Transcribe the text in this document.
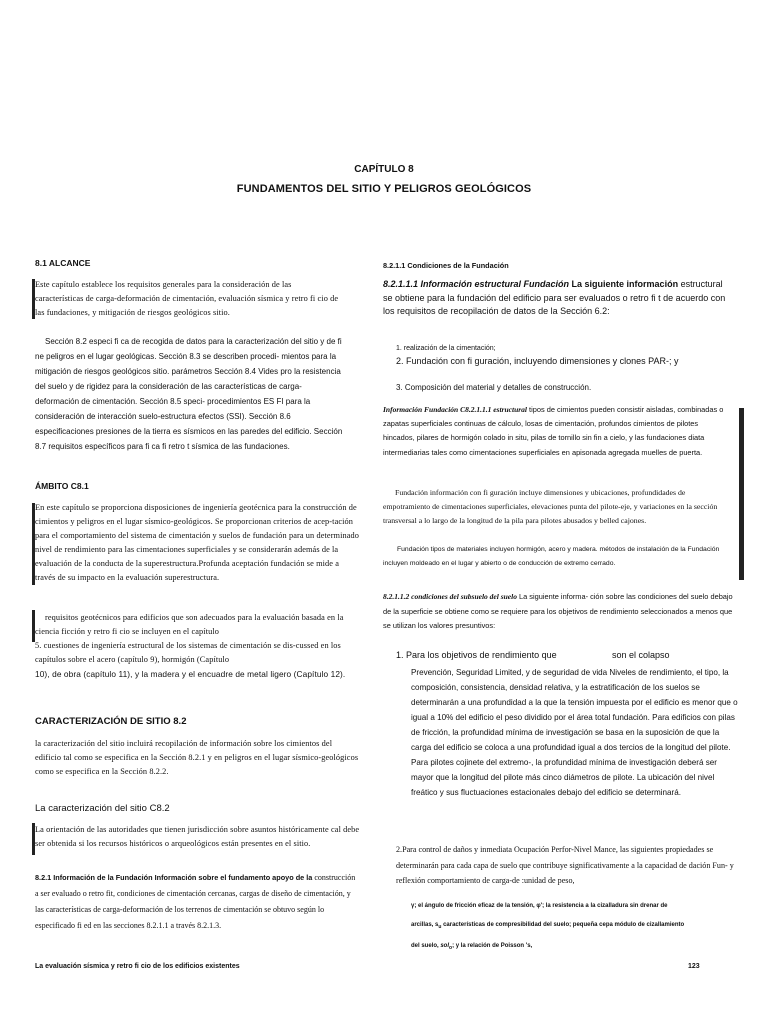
CAPÍTULO 8
FUNDAMENTOS DEL SITIO Y PELIGROS GEOLÓGICOS
8.1 ALCANCE
Este capítulo establece los requisitos generales para la consideración de las características de carga-deformación de cimentación, evaluación sísmica y retro fi cio de las fundaciones, y mitigación de riesgos geológicos sitio.
Sección 8.2 especi fi ca de recogida de datos para la caracterización del sitio y de fi ne peligros en el lugar geológicas. Sección 8.3 se describen procedi- mientos para la mitigación de riesgos geológicos sitio. parámetros Sección 8.4 Vides pro la resistencia del suelo y de rigidez para la consideración de las características de carga-deformación de cimentación. Sección 8.5 speci- procedimientos ES FI para la consideración de interacción suelo-estructura efectos (SSI). Sección 8.6 especificaciones presiones de la tierra es sísmicos en las paredes del edificio. Sección 8.7 requisitos específicos para fi ca fi retro t sísmica de las fundaciones.
ÁMBITO C8.1
En este capítulo se proporciona disposiciones de ingeniería geotécnica para la construcción de cimientos y peligros en el lugar sísmico-geológicos. Se proporcionan criterios de acep-tación para el comportamiento del sistema de cimentación y suelos de fundación para un determinado nivel de rendimiento para las cimentaciones superficiales y se considerarán además de la evaluación de la conducta de la superestructura.Profunda aceptación fundación se mide a través de su impacto en la evaluación superestructura.
requisitos geotécnicos para edificios que son adecuados para la evaluación basada en la ciencia ficción y retro fi cio se incluyen en el capítulo
5. cuestiones de ingeniería estructural de los sistemas de cimentación se dis-cussed en los capítulos sobre el acero (capítulo 9), hormigón (Capítulo
10), de obra (capítulo 11), y la madera y el encuadre de metal ligero (Capítulo 12).
CARACTERIZACIÓN DE SITIO 8.2
la caracterización del sitio incluirá recopilación de información sobre los cimientos del edificio tal como se especifica en la Sección 8.2.1 y en peligros en el lugar sísmico-geológicos como se especifica en la Sección 8.2.2.
La caracterización del sitio C8.2
La orientación de las autoridades que tienen jurisdicción sobre asuntos históricamente cal debe ser obtenida si los recursos históricos o arqueológicos están presentes en el sitio.
8.2.1 Información de la Fundación Información sobre el fundamento apoyo de la construcción a ser evaluado o retro fit, condiciones de cimentación cercanas, cargas de diseño de cimentación, y las características de carga-deformación de los terrenos de cimentación se obtuvo según lo especificado fi ed en las secciones 8.2.1.1 a través 8.2.1.3.
8.2.1.1 Condiciones de la Fundación
8.2.1.1.1 Información estructural Fundación La siguiente información estructural se obtiene para la fundación del edificio para ser evaluados o retro fi t de acuerdo con los requisitos de recopilación de datos de la Sección 6.2:
1. realización de la cimentación;
2. Fundación con fi guración, incluyendo dimensiones y clones PAR-; y
3. Composición del material y detalles de construcción.
Información Fundación C8.2.1.1.1 estructural tipos de cimientos pueden consistir aisladas, combinadas o zapatas superficiales continuas de cálculo, losas de cimentación, profundos cimientos de pilotes hincados, pilares de hormigón colado in situ, pilas de tornillo sin fin a cielo, y las fundaciones diata intermediarias tales como cimentaciones superficiales en apisonada agregada muelles de puerta.
Fundación información con fi guración incluye dimensiones y ubicaciones, profundidades de empotramiento de cimentaciones superficiales, elevaciones punta del pilote-eje, y variaciones en la sección transversal a lo largo de la longitud de la pila para pilotes abusados y belled cajones.
Fundación tipos de materiales incluyen hormigón, acero y madera. métodos de instalación de la Fundación incluyen moldeado en el lugar y abierto o de conducción de extremo cerrado.
8.2.1.1.2 condiciones del subsuelo del suelo La siguiente informa- ción sobre las condiciones del suelo debajo de la superficie se obtiene como se requiere para los objetivos de rendimiento seleccionados a menos que se utilizan los valores presuntivos:
1. Para los objetivos de rendimiento que	son el colapso
Prevención, Seguridad Limited, y de seguridad de vida Niveles de rendimiento, el tipo, la composición, consistencia, densidad relativa, y la estratificación de los suelos se determinarán a una profundidad a la que la tensión impuesta por el edificio es menor que o igual a 10% del edificio el peso dividido por el área total fundación. Para edificios con pilas de fricción, la profundidad mínima de investigación se basa en la suposición de que la carga del edificio se coloca a una profundidad igual a dos tercios de la longitud del pilote. Para pilotes cojinete del extremo-, la profundidad mínima de investigación deberá ser mayor que la longitud del pilote más cinco diámetros de pilote. La ubicación del nivel freático y sus fluctuaciones estacionales debajo del edificio se determinará.
2.Para control de daños y inmediata Ocupación Perfor-Nivel Mance, las siguientes propiedades se determinarán para cada capa de suelo que contribuye significativamente a la capacidad de dación Fun- y reflexión comportamiento de carga-de :unidad de peso,
γ; el ángulo de fricción eficaz de la tensión, φ'; la resistencia a la cizalladura sin drenar de
arcillas, $s_u$ características de compresibilidad del suelo; pequeña cepa módulo de cizallamiento
del suelo, sol$_o$; y la relación de Poisson 's,
La evaluación sísmica y retro fi cio de los edificios existentes	123
